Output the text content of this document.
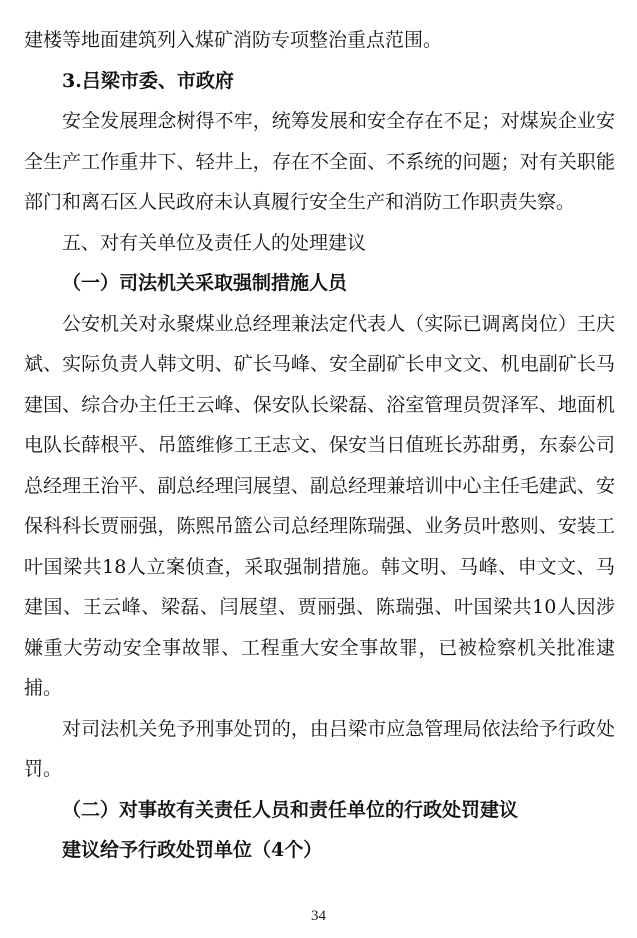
建楼等地面建筑列入煤矿消防专项整治重点范围。

3.吕梁市委、市政府

安全发展理念树得不牢，统筹发展和安全存在不足；对煤炭企业安全生产工作重井下、轻井上，存在不全面、不系统的问题；对有关职能部门和离石区人民政府未认真履行安全生产和消防工作职责失察。

五、对有关单位及责任人的处理建议

（一）司法机关采取强制措施人员

公安机关对永聚煤业总经理兼法定代表人（实际已调离岗位）王庆斌、实际负责人韩文明、矿长马峰、安全副矿长申文文、机电副矿长马建国、综合办主任王云峰、保安队长梁磊、浴室管理员贺泽军、地面机电队长薛根平、吊篮维修工王志文、保安当日值班长苏甜勇，东泰公司总经理王治平、副总经理闫展望、副总经理兼培训中心主任毛建武、安保科科长贾丽强，陈熙吊篮公司总经理陈瑞强、业务员叶憨则、安装工叶国梁共18人立案侦查，采取强制措施。韩文明、马峰、申文文、马建国、王云峰、梁磊、闫展望、贾丽强、陈瑞强、叶国梁共10人因涉嫌重大劳动安全事故罪、工程重大安全事故罪，已被检察机关批准逮捕。

对司法机关免予刑事处罚的，由吕梁市应急管理局依法给予行政处罚。

（二）对事故有关责任人员和责任单位的行政处罚建议

建议给予行政处罚单位（4个）

34
